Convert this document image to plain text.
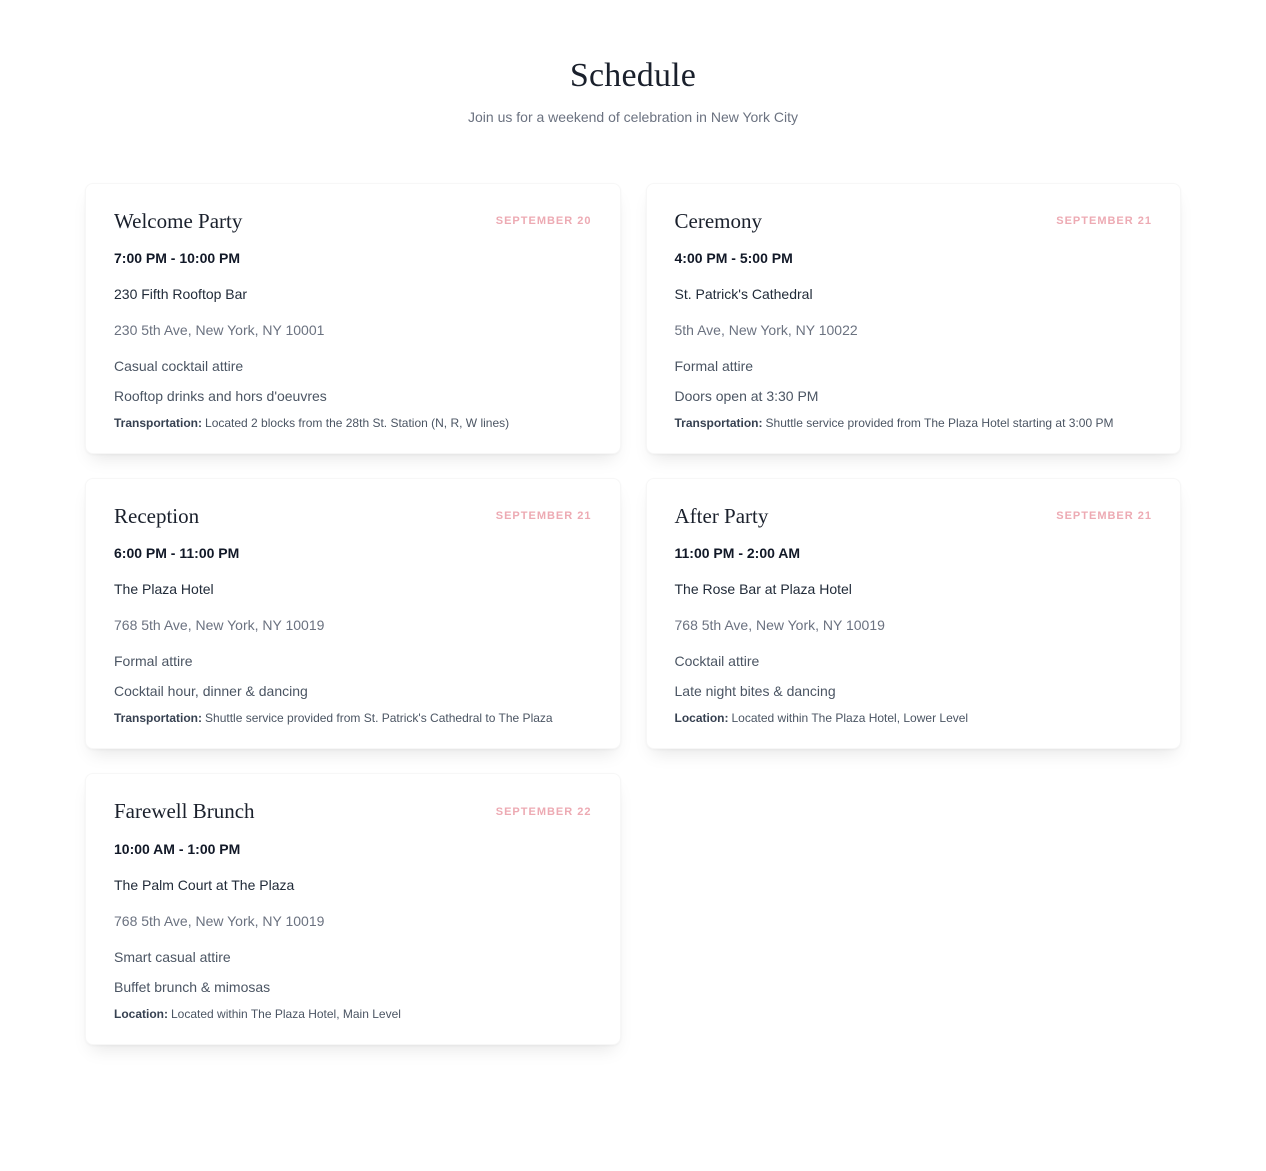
Schedule

Join us for a weekend of celebration in New York City

Welcome Party	SEPTEMBER 20

7:00 PM - 10:00 PM

230 Fifth Rooftop Bar

230 5th Ave, New York, NY 10001

Casual cocktail attire

Rooftop drinks and hors d'oeuvres

Transportation: Located 2 blocks from the 28th St. Station (N, R, W lines)

Ceremony	SEPTEMBER 21

4:00 PM - 5:00 PM

St. Patrick's Cathedral

5th Ave, New York, NY 10022

Formal attire

Doors open at 3:30 PM

Transportation: Shuttle service provided from The Plaza Hotel starting at 3:00 PM

Reception	SEPTEMBER 21

6:00 PM - 11:00 PM

The Plaza Hotel

768 5th Ave, New York, NY 10019

Formal attire

Cocktail hour, dinner & dancing

Transportation: Shuttle service provided from St. Patrick's Cathedral to The Plaza

After Party	SEPTEMBER 21

11:00 PM - 2:00 AM

The Rose Bar at Plaza Hotel

768 5th Ave, New York, NY 10019

Cocktail attire

Late night bites & dancing

Location: Located within The Plaza Hotel, Lower Level

Farewell Brunch	SEPTEMBER 22

10:00 AM - 1:00 PM

The Palm Court at The Plaza

768 5th Ave, New York, NY 10019

Smart casual attire

Buffet brunch & mimosas

Location: Located within The Plaza Hotel, Main Level
